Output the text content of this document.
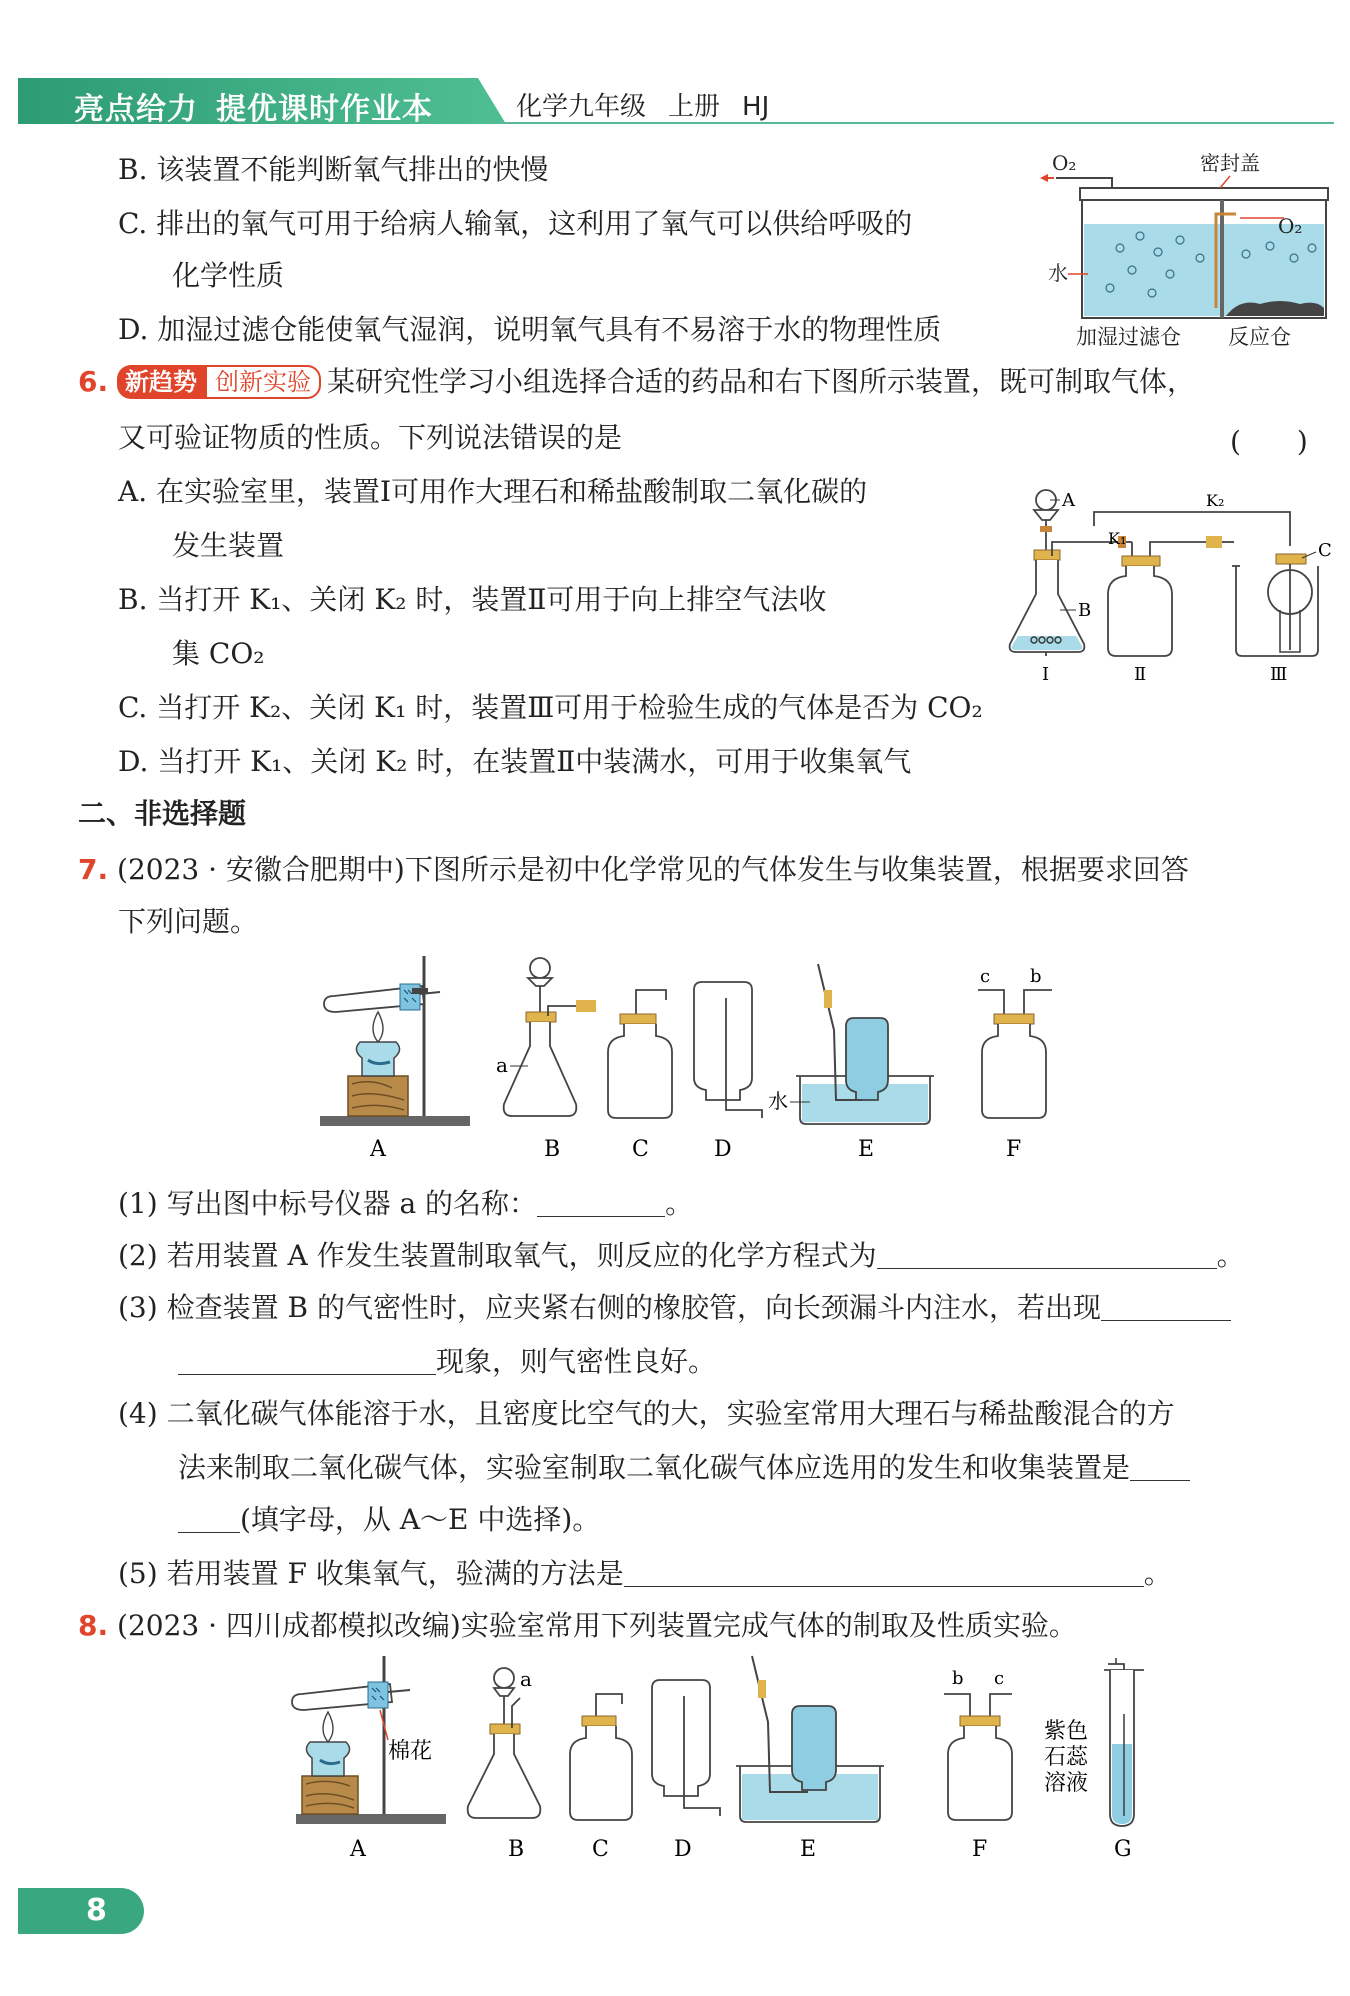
亮点给力 提优课时作业本	化学九年级 上册 HJ
B. 该装置不能判断氧气排出的快慢
C. 排出的氧气可用于给病人输氧，这利用了氧气可以供给呼吸的
化学性质
D. 加湿过滤仓能使氧气湿润，说明氧气具有不易溶于水的物理性质
O₂	密封盖
O₂
水
加湿过滤仓 反应仓
6. 新趋势 创新实验 某研究性学习小组选择合适的药品和右下图所示装置，既可制取气体，
又可验证物质的性质。下列说法错误的是	(　　)
A. 在实验室里，装置Ⅰ可用作大理石和稀盐酸制取二氧化碳的
发生装置
B. 当打开 K₁、关闭 K₂ 时，装置Ⅱ可用于向上排空气法收
集 CO₂
C. 当打开 K₂、关闭 K₁ 时，装置Ⅲ可用于检验生成的气体是否为 CO₂
D. 当打开 K₁、关闭 K₂ 时，在装置Ⅱ中装满水，可用于收集氧气
A
B
Ⅰ
K₁
Ⅱ
K₂
C
Ⅲ
二、非选择题
7. (2023 · 安徽合肥期中)下图所示是初中化学常见的气体发生与收集装置，根据要求回答
下列问题。
A
a
B	C	D
水
E
c b
F
(1) 写出图中标号仪器 a 的名称：	。
(2) 若用装置 A 作发生装置制取氧气，则反应的化学方程式为	。
(3) 检查装置 B 的气密性时，应夹紧右侧的橡胶管，向长颈漏斗内注水，若出现
现象，则气密性良好。
(4) 二氧化碳气体能溶于水，且密度比空气的大，实验室常用大理石与稀盐酸混合的方
法来制取二氧化碳气体，实验室制取二氧化碳气体应选用的发生和收集装置是
(填字母，从 A～E 中选择)。
(5) 若用装置 F 收集氧气，验满的方法是	。
8. (2023 · 四川成都模拟改编)实验室常用下列装置完成气体的制取及性质实验。
棉花
A
a
B	C	D	E
b c
F
紫色
石蕊
溶液
G
8
